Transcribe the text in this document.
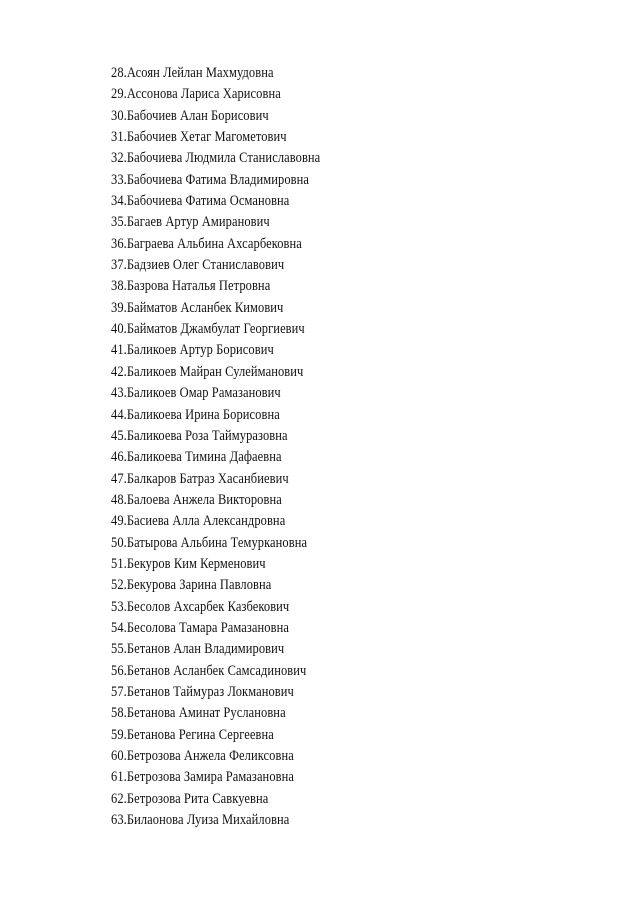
28.Асоян Лейлан Махмудовна
29.Ассонова Лариса Харисовна
30.Бабочиев Алан Борисович
31.Бабочиев Хетаг Магометович
32.Бабочиева Людмила Станиславовна
33.Бабочиева Фатима Владимировна
34.Бабочиева Фатима Османовна
35.Багаев Артур Амиранович
36.Баграева Альбина Ахсарбековна
37.Бадзиев Олег Станиславович
38.Базрова Наталья Петровна
39.Байматов Асланбек Кимович
40.Байматов Джамбулат Георгиевич
41.Баликоев Артур Борисович
42.Баликоев Майран Сулейманович
43.Баликоев Омар Рамазанович
44.Баликоева Ирина Борисовна
45.Баликоева Роза Таймуразовна
46.Баликоева Тимина Дафаевна
47.Балкаров Батраз Хасанбиевич
48.Балоева Анжела Викторовна
49.Басиева Алла Александровна
50.Батырова Альбина Темуркановна
51.Бекуров Ким Керменович
52.Бекурова Зарина Павловна
53.Бесолов Ахсарбек Казбекович
54.Бесолова Тамара Рамазановна
55.Бетанов Алан Владимирович
56.Бетанов Асланбек Самсадинович
57.Бетанов Таймураз Локманович
58.Бетанова Аминат Руслановна
59.Бетанова Регина Сергеевна
60.Бетрозова Анжела Феликсовна
61.Бетрозова Замира Рамазановна
62.Бетрозова Рита Савкуевна
63.Билаонова Луиза Михайловна
